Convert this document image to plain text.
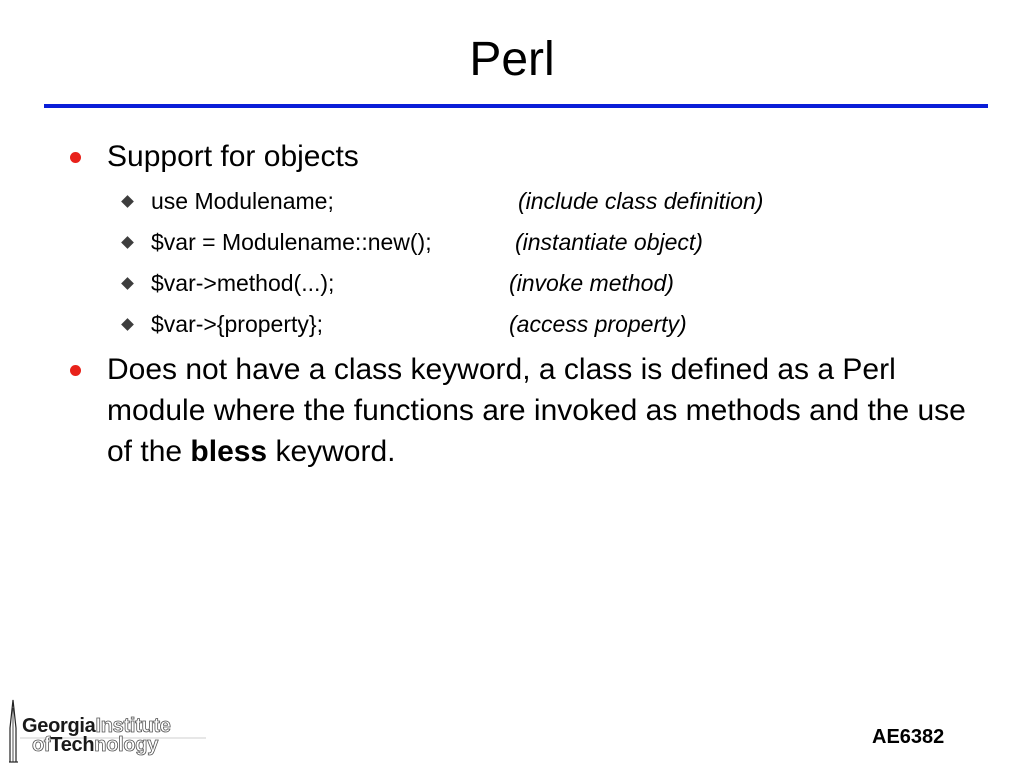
Perl
Support for objects
use Modulename;	(include class definition)
$var = Modulename::new();	(instantiate object)
$var->method(...);	(invoke method)
$var->{property};	(access property)
Does not have a class keyword, a class is defined as a Perl module where the functions are invoked as methods and the use of the bless keyword.
GeorgiaInstitute
ofTechnology	AE6382
